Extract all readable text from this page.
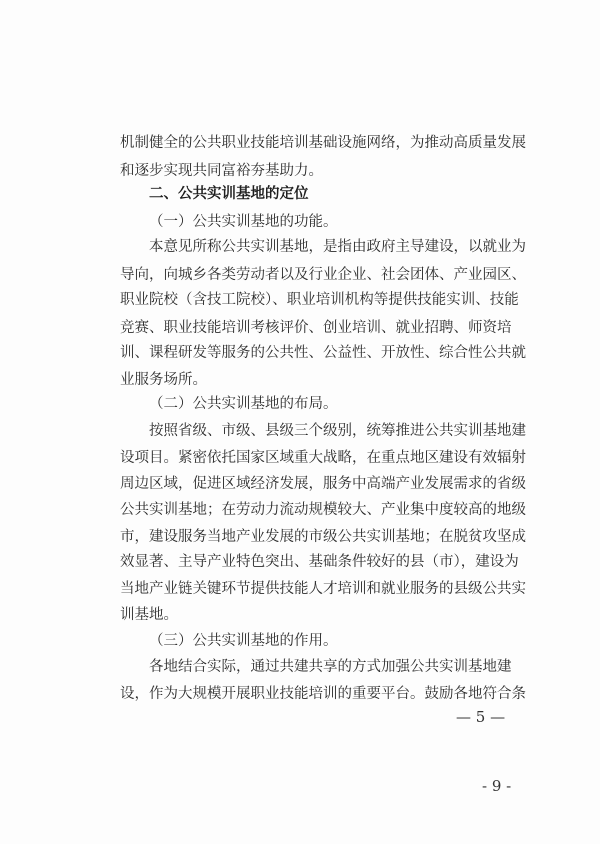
机制健全的公共职业技能培训基础设施网络，为推动高质量发展
和逐步实现共同富裕夯基助力。
二、公共实训基地的定位
（一）公共实训基地的功能。
本意见所称公共实训基地，是指由政府主导建设，以就业为
导向，向城乡各类劳动者以及行业企业、社会团体、产业园区、
职业院校（含技工院校）、职业培训机构等提供技能实训、技能
竞赛、职业技能培训考核评价、创业培训、就业招聘、师资培
训、课程研发等服务的公共性、公益性、开放性、综合性公共就
业服务场所。
（二）公共实训基地的布局。
按照省级、市级、县级三个级别，统筹推进公共实训基地建
设项目。紧密依托国家区域重大战略，在重点地区建设有效辐射
周边区域，促进区域经济发展，服务中高端产业发展需求的省级
公共实训基地；在劳动力流动规模较大、产业集中度较高的地级
市，建设服务当地产业发展的市级公共实训基地；在脱贫攻坚成
效显著、主导产业特色突出、基础条件较好的县（市），建设为
当地产业链关键环节提供技能人才培训和就业服务的县级公共实
训基地。
（三）公共实训基地的作用。
各地结合实际，通过共建共享的方式加强公共实训基地建
设，作为大规模开展职业技能培训的重要平台。鼓励各地符合条
— 5 —
- 9 -
